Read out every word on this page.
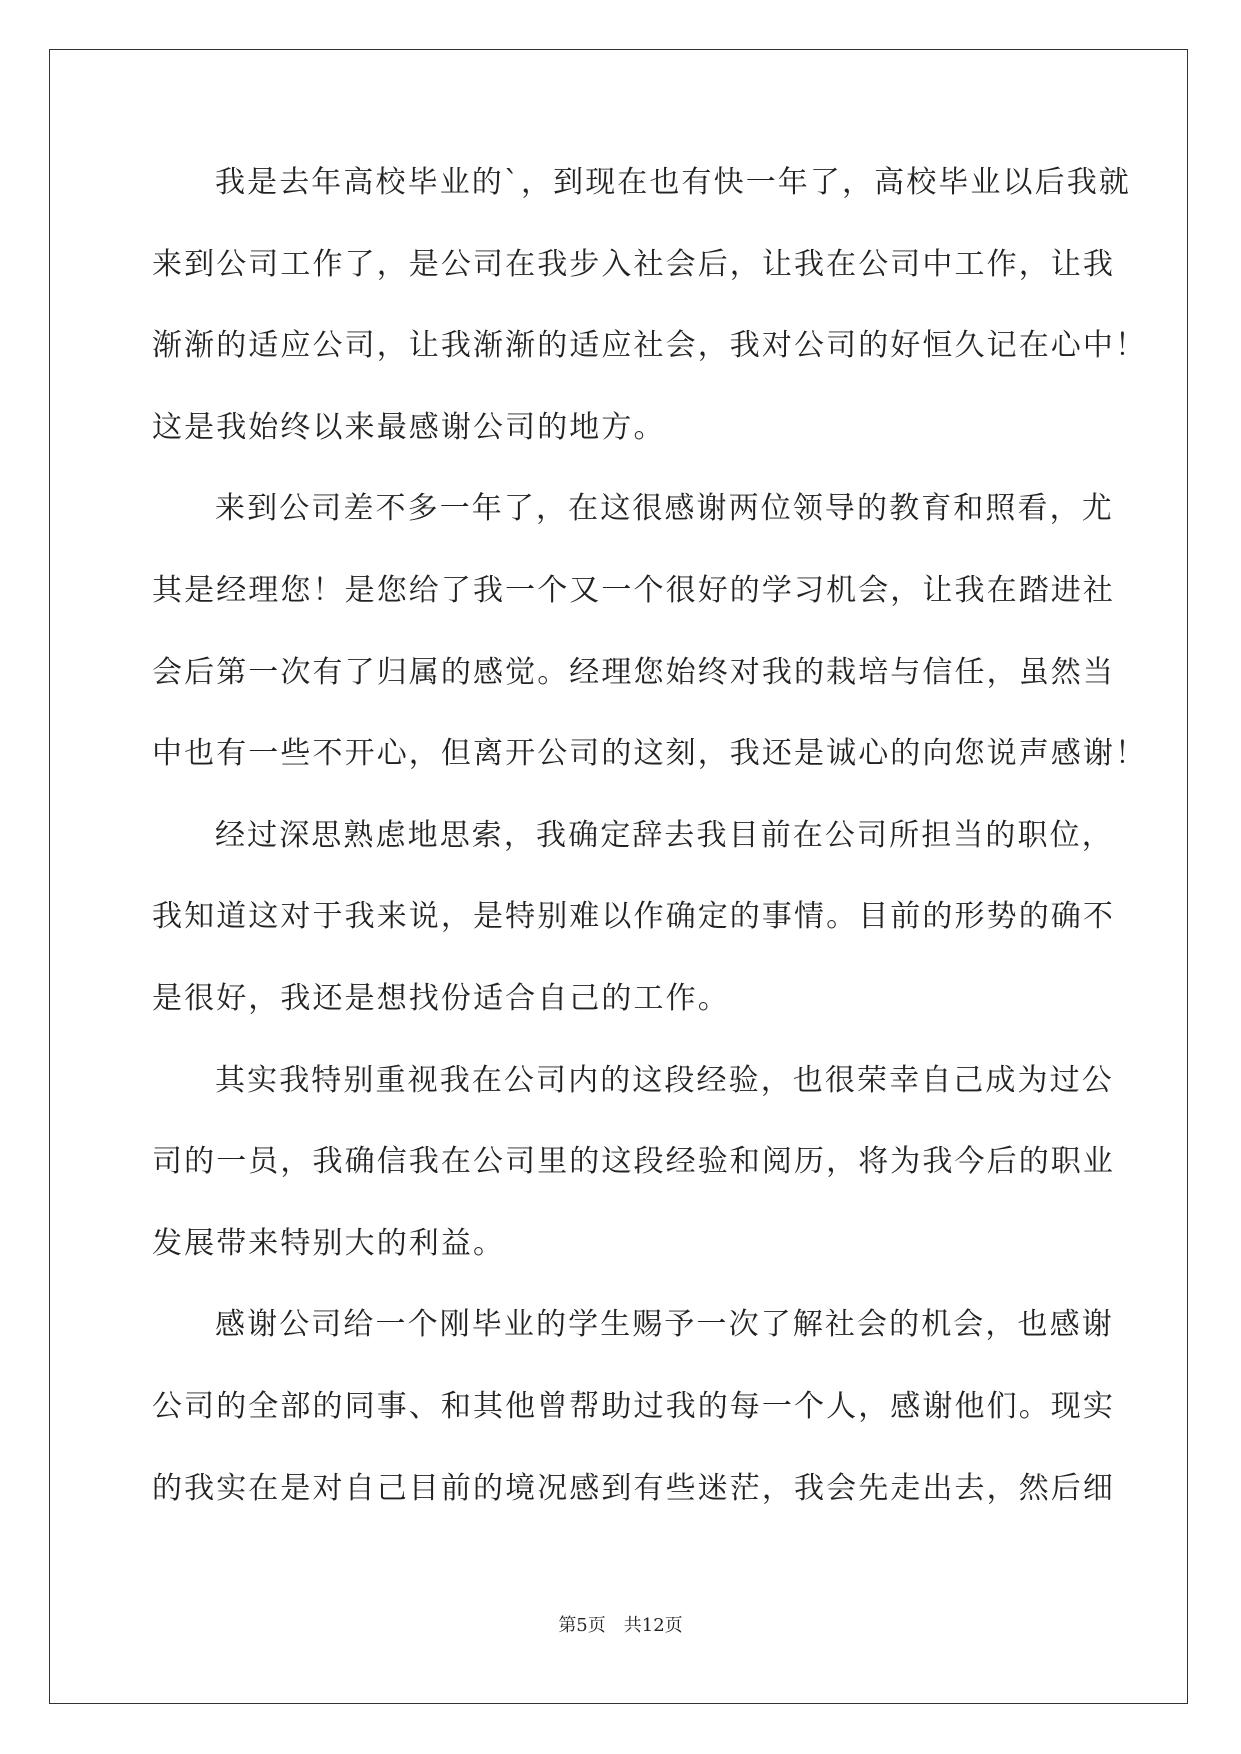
我是去年高校毕业的`，到现在也有快一年了，高校毕业以后我就
来到公司工作了，是公司在我步入社会后，让我在公司中工作，让我
渐渐的适应公司，让我渐渐的适应社会，我对公司的好恒久记在心中！
这是我始终以来最感谢公司的地方。
来到公司差不多一年了，在这很感谢两位领导的教育和照看，尤
其是经理您！是您给了我一个又一个很好的学习机会，让我在踏进社
会后第一次有了归属的感觉。经理您始终对我的栽培与信任，虽然当
中也有一些不开心，但离开公司的这刻，我还是诚心的向您说声感谢！
经过深思熟虑地思索，我确定辞去我目前在公司所担当的职位，
我知道这对于我来说，是特别难以作确定的事情。目前的形势的确不
是很好，我还是想找份适合自己的工作。
其实我特别重视我在公司内的这段经验，也很荣幸自己成为过公
司的一员，我确信我在公司里的这段经验和阅历，将为我今后的职业
发展带来特别大的利益。
感谢公司给一个刚毕业的学生赐予一次了解社会的机会，也感谢
公司的全部的同事、和其他曾帮助过我的每一个人，感谢他们。现实
的我实在是对自己目前的境况感到有些迷茫，我会先走出去，然后细
第5页 共12页
